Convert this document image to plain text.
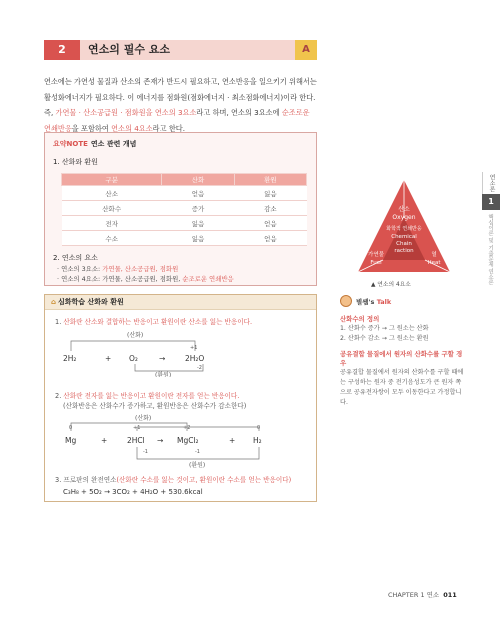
2	연소의 필수 요소	A
연소에는 가연성 물질과 산소의 존재가 반드시 필요하고, 연소반응을 일으키기 위해서는 활성화에너지가 필요하다. 이 에너지를 점화원(점화에너지 · 최소점화에너지)이라 한다. 즉, 가연물 · 산소공급원 · 점화원을 연소의 3요소라고 하며, 연소의 3요소에 순조로운 연쇄반응을 포함하여 연소의 4요소라고 한다.
요약NOTE 연소 관련 개념
1. 산화와 환원
구분	산화	환원
산소	얻음	잃음
산화수	증가	감소
전자	잃음	얻음
수소	잃음	얻음
2. 연소의 요소
· 연소의 3요소: 가연물, 산소공급원, 점화원
· 연소의 4요소: 가연물, 산소공급원, 점화원, 순조로운 연쇄반응
⌂ 심화학습 산화와 환원
1. 산화란 산소와 결합하는 반응이고 환원이란 산소를 잃는 반응이다.
(산화)
+1
2H₂	+ O₂	→	2H₂O
-2
(환원)
2. 산화란 전자를 잃는 반응이고 환원이란 전자를 얻는 반응이다.
(산화반응은 산화수가 증가하고, 환원반응은 산화수가 감소한다)
(산화)
0	+1	+2	0
Mg	+	2HCl → MgCl₂	+ H₂
-1	-1
(환원)
3. 프로판의 완전연소(산화란 수소를 잃는 것이고, 환원이란 수소를 얻는 반응이다)
C₃H₈ + 5O₂ → 3CO₂ + 4H₂O + 530.6kcal
산소
Oxygen
화학적 연쇄반응
Chemical
Chain
raction
가연물
Fuel
열
Heat
▲ 연소의 4요소
연소론
1
핵심이론 및 기출문제 연소론
별쌤's Talk
산화수의 정의
1. 산화수 증가 → 그 원소는 산화
2. 산화수 감소 → 그 원소는 환원
공유결합 물질에서 원자의 산화수를 구할 경우
공유결합 물질에서 원자의 산화수를 구할 때에는 구성하는 원자 중 전기음성도가 큰 원자 쪽으로 공유전자쌍이 모두 이동한다고 가정합니다.
CHAPTER 1 연소 011
